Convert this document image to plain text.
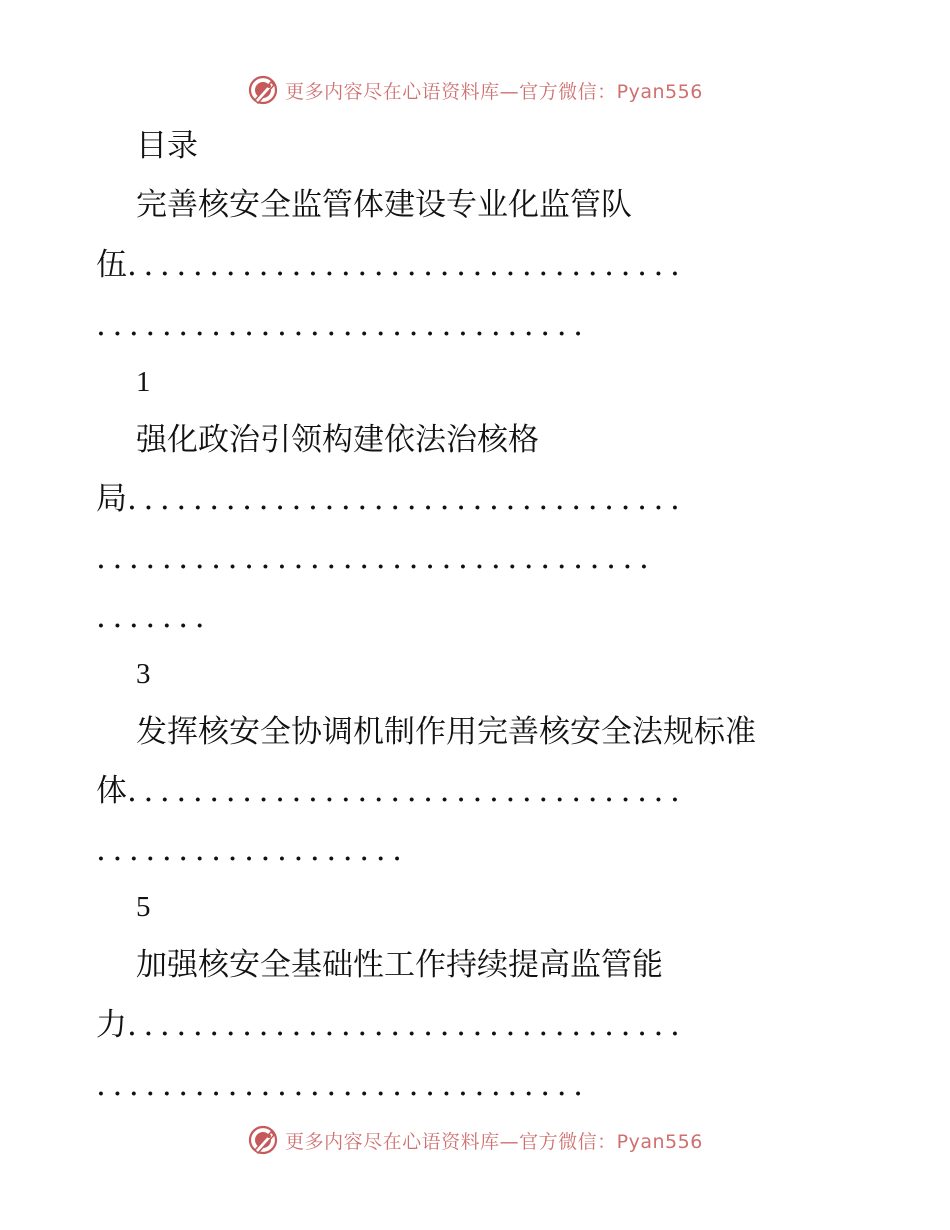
更多内容尽在心语资料库—官方微信：Pyan556
目录
完善核安全监管体建设专业化监管队
伍..................................
..............................
1
强化政治引领构建依法治核格
局..................................
..................................
.......
3
发挥核安全协调机制作用完善核安全法规标准
体..................................
...................
5
加强核安全基础性工作持续提高监管能
力..................................
..............................
更多内容尽在心语资料库—官方微信：Pyan556
